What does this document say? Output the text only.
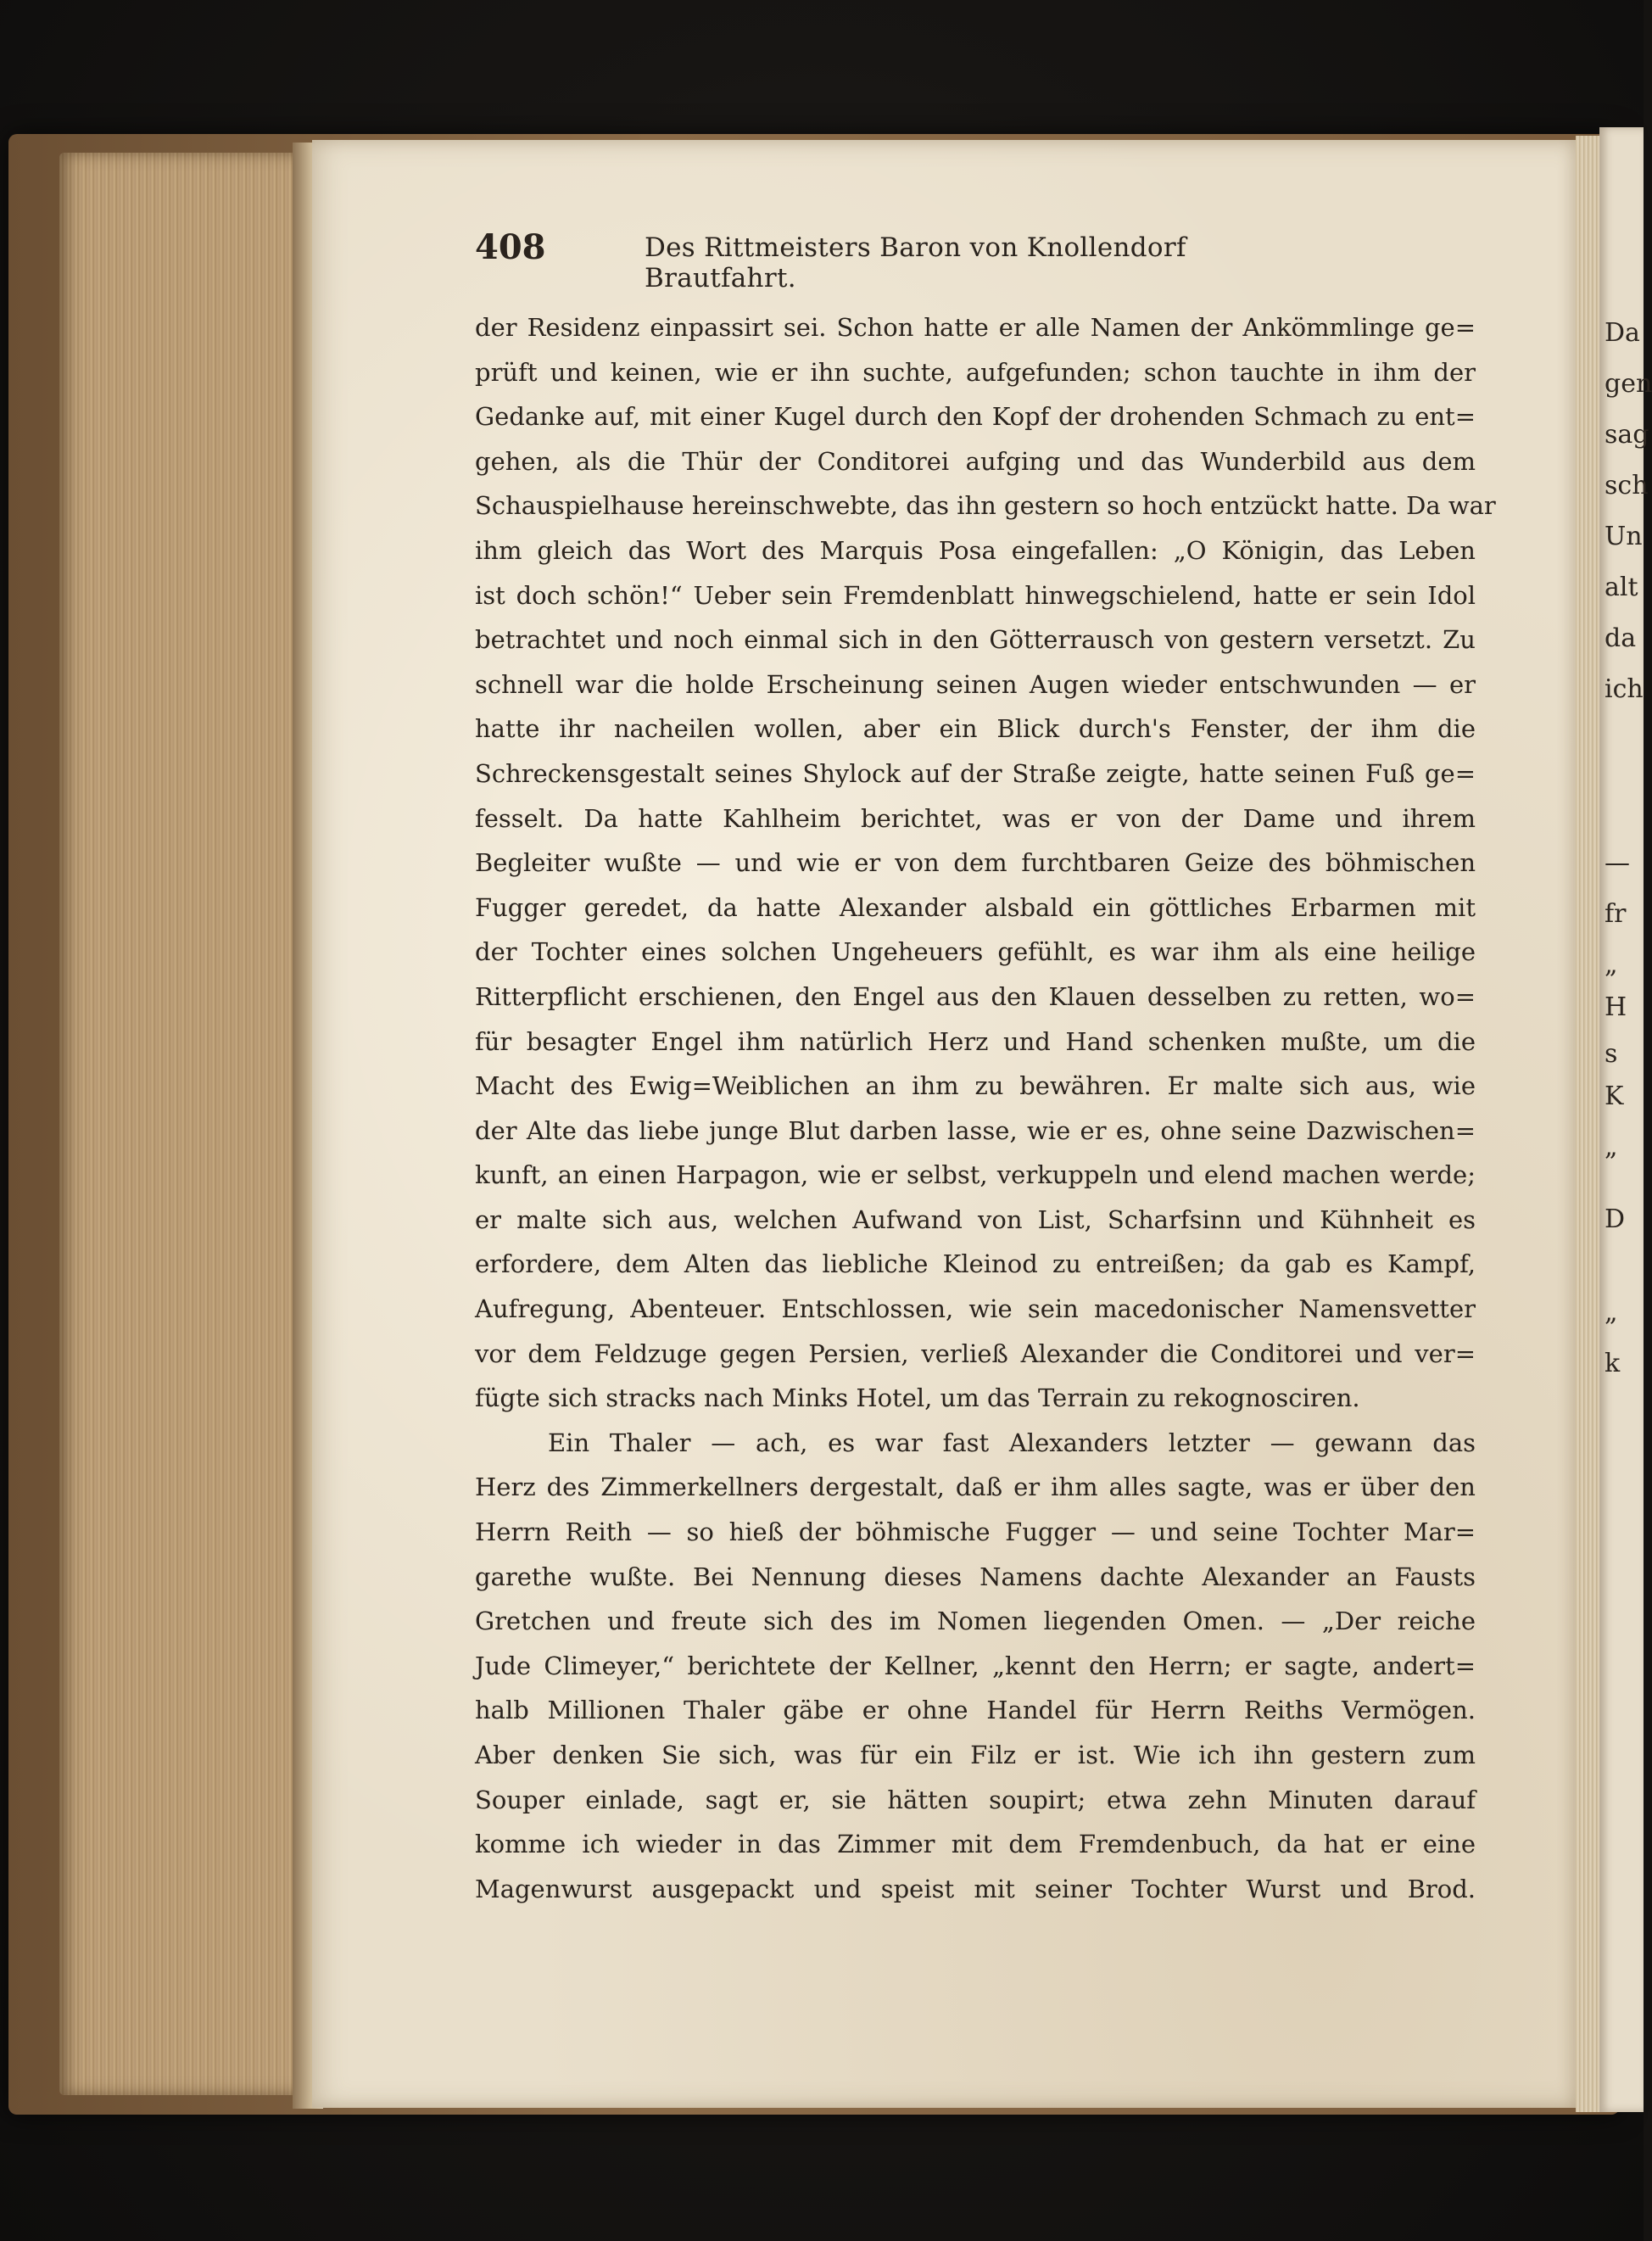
Da
gen
sag
sch
Un
alt
da
ich
—
fr
„
H
s
K
„
D
„
k
408	Des Rittmeisters Baron von Knollendorf Brautfahrt.
der Residenz einpassirt sei. Schon hatte er alle Namen der Ankömmlinge ge=
prüft und keinen, wie er ihn suchte, aufgefunden; schon tauchte in ihm der
Gedanke auf, mit einer Kugel durch den Kopf der drohenden Schmach zu ent=
gehen, als die Thür der Conditorei aufging und das Wunderbild aus dem
Schauspielhause hereinschwebte, das ihn gestern so hoch entzückt hatte. Da war
ihm gleich das Wort des Marquis Posa eingefallen: „O Königin, das Leben
ist doch schön!“ Ueber sein Fremdenblatt hinwegschielend, hatte er sein Idol
betrachtet und noch einmal sich in den Götterrausch von gestern versetzt. Zu
schnell war die holde Erscheinung seinen Augen wieder entschwunden — er
hatte ihr nacheilen wollen, aber ein Blick durch's Fenster, der ihm die
Schreckensgestalt seines Shylock auf der Straße zeigte, hatte seinen Fuß ge=
fesselt. Da hatte Kahlheim berichtet, was er von der Dame und ihrem
Begleiter wußte — und wie er von dem furchtbaren Geize des böhmischen
Fugger geredet, da hatte Alexander alsbald ein göttliches Erbarmen mit
der Tochter eines solchen Ungeheuers gefühlt, es war ihm als eine heilige
Ritterpflicht erschienen, den Engel aus den Klauen desselben zu retten, wo=
für besagter Engel ihm natürlich Herz und Hand schenken mußte, um die
Macht des Ewig=Weiblichen an ihm zu bewähren. Er malte sich aus, wie
der Alte das liebe junge Blut darben lasse, wie er es, ohne seine Dazwischen=
kunft, an einen Harpagon, wie er selbst, verkuppeln und elend machen werde;
er malte sich aus, welchen Aufwand von List, Scharfsinn und Kühnheit es
erfordere, dem Alten das liebliche Kleinod zu entreißen; da gab es Kampf,
Aufregung, Abenteuer. Entschlossen, wie sein macedonischer Namensvetter
vor dem Feldzuge gegen Persien, verließ Alexander die Conditorei und ver=
fügte sich stracks nach Minks Hotel, um das Terrain zu rekognosciren.
Ein Thaler — ach, es war fast Alexanders letzter — gewann das
Herz des Zimmerkellners dergestalt, daß er ihm alles sagte, was er über den
Herrn Reith — so hieß der böhmische Fugger — und seine Tochter Mar=
garethe wußte. Bei Nennung dieses Namens dachte Alexander an Fausts
Gretchen und freute sich des im Nomen liegenden Omen. — „Der reiche
Jude Climeyer,“ berichtete der Kellner, „kennt den Herrn; er sagte, andert=
halb Millionen Thaler gäbe er ohne Handel für Herrn Reiths Vermögen.
Aber denken Sie sich, was für ein Filz er ist. Wie ich ihn gestern zum
Souper einlade, sagt er, sie hätten soupirt; etwa zehn Minuten darauf
komme ich wieder in das Zimmer mit dem Fremdenbuch, da hat er eine
Magenwurst ausgepackt und speist mit seiner Tochter Wurst und Brod.
